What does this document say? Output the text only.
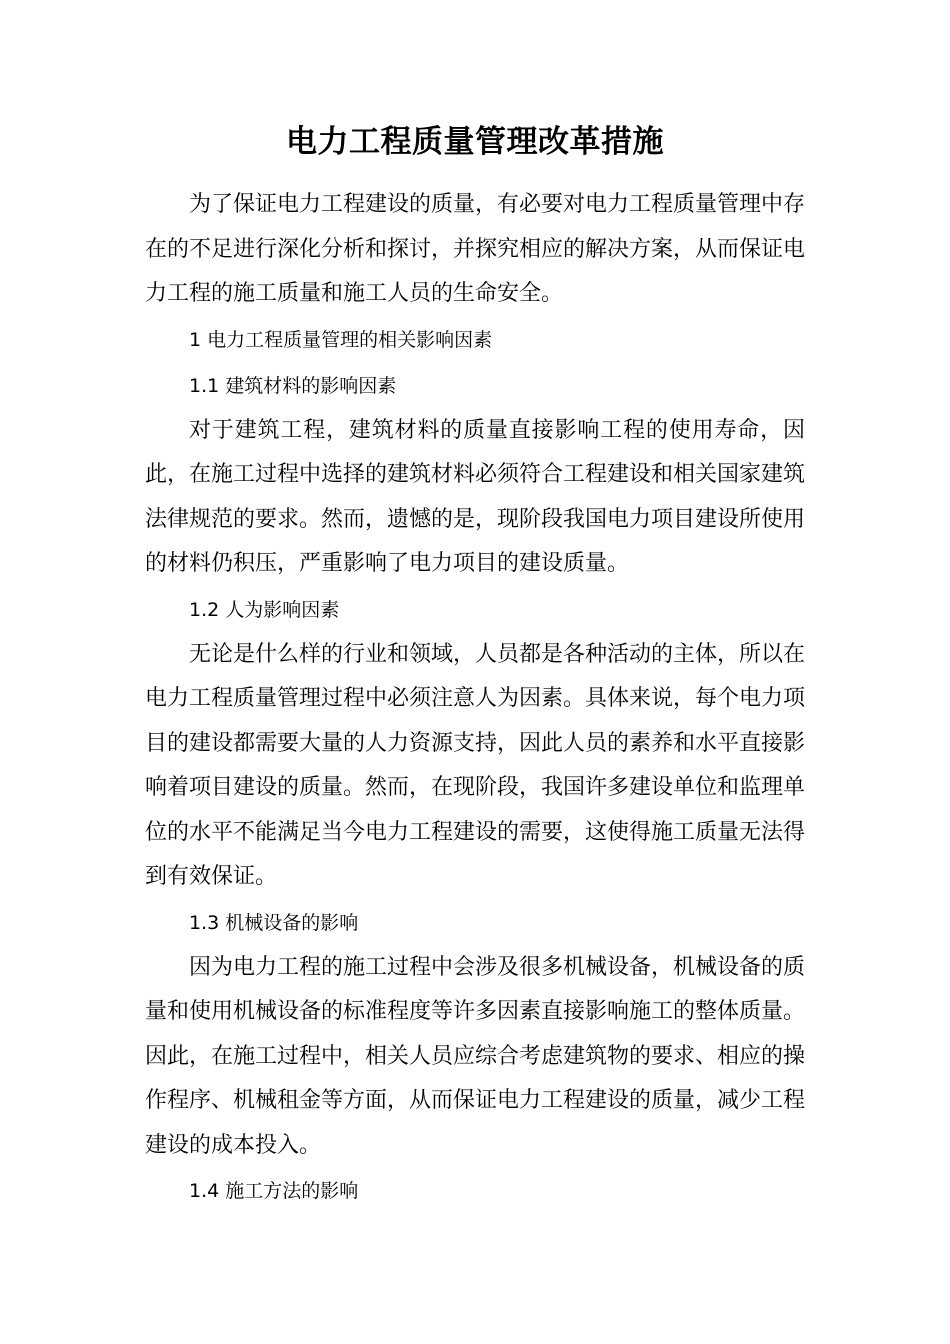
电力工程质量管理改革措施

为了保证电力工程建设的质量，有必要对电力工程质量管理中存在的不足进行深化分析和探讨，并探究相应的解决方案，从而保证电力工程的施工质量和施工人员的生命安全。

1 电力工程质量管理的相关影响因素
1.1 建筑材料的影响因素

对于建筑工程，建筑材料的质量直接影响工程的使用寿命，因此，在施工过程中选择的建筑材料必须符合工程建设和相关国家建筑法律规范的要求。然而，遗憾的是，现阶段我国电力项目建设所使用的材料仍积压，严重影响了电力项目的建设质量。

1.2 人为影响因素

无论是什么样的行业和领域，人员都是各种活动的主体，所以在电力工程质量管理过程中必须注意人为因素。具体来说，每个电力项目的建设都需要大量的人力资源支持，因此人员的素养和水平直接影响着项目建设的质量。然而，在现阶段，我国许多建设单位和监理单位的水平不能满足当今电力工程建设的需要，这使得施工质量无法得到有效保证。

1.3 机械设备的影响

因为电力工程的施工过程中会涉及很多机械设备，机械设备的质量和使用机械设备的标准程度等许多因素直接影响施工的整体质量。因此，在施工过程中，相关人员应综合考虑建筑物的要求、相应的操作程序、机械租金等方面，从而保证电力工程建设的质量，减少工程建设的成本投入。

1.4 施工方法的影响
